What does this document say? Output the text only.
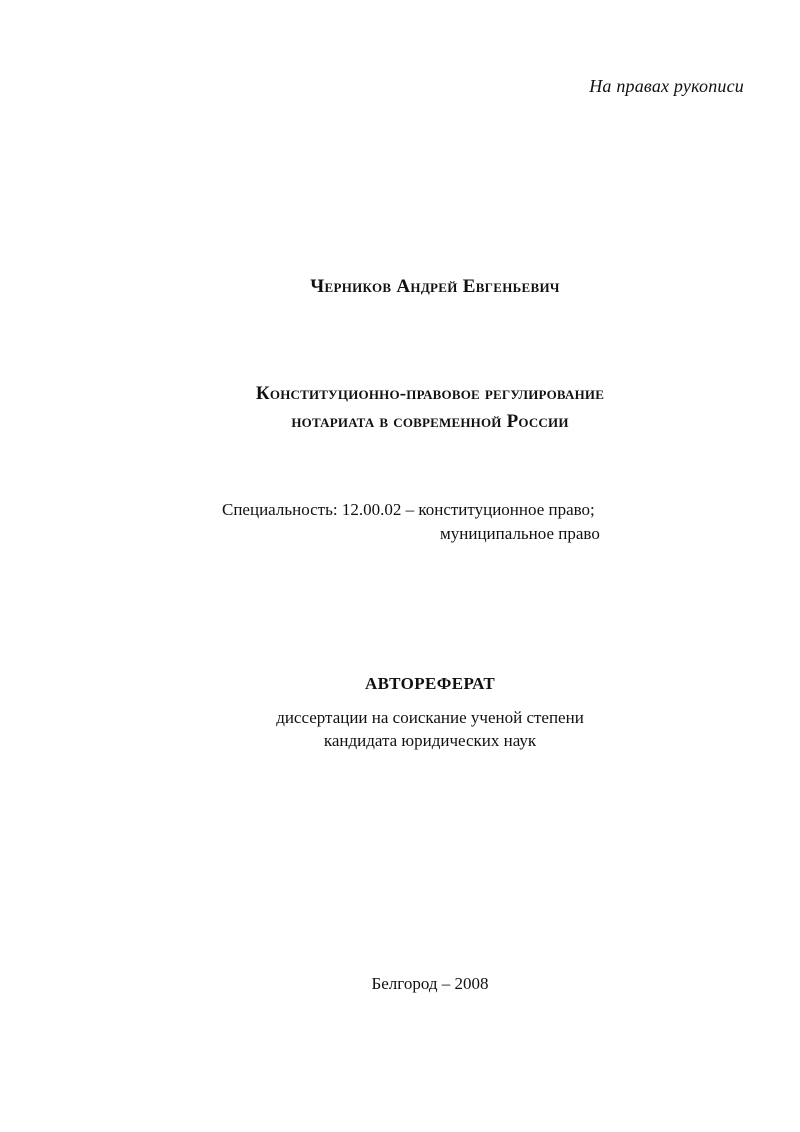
На правах рукописи
Черников Андрей Евгеньевич
Конституционно-правовое регулирование
нотариата в современной России
Специальность: 12.00.02 – конституционное право;
муниципальное право
АВТОРЕФЕРАТ
диссертации на соискание ученой степени
кандидата юридических наук
Белгород – 2008
